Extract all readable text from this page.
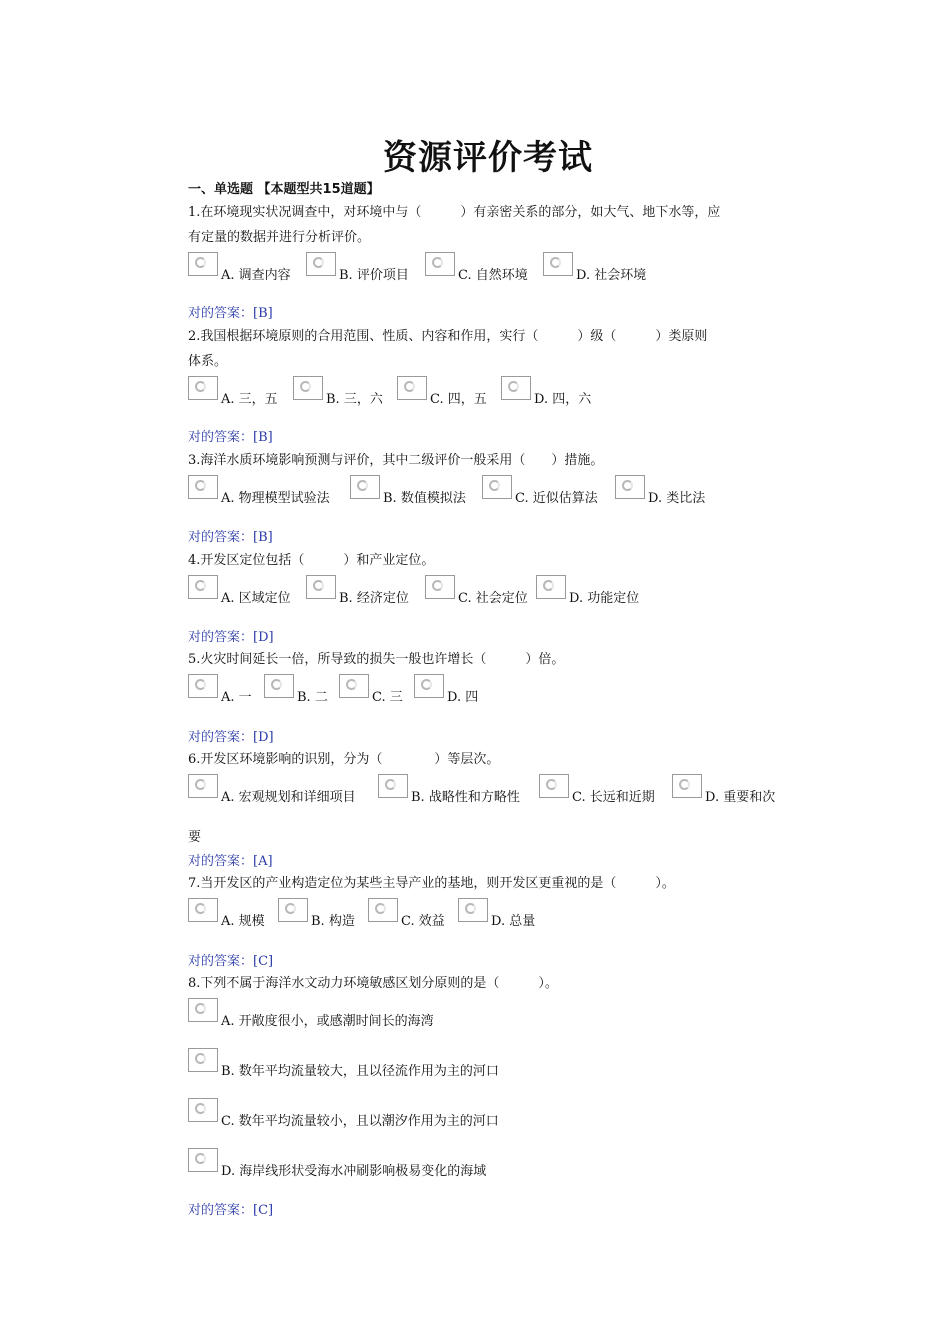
资源评价考试
一、单选题 【本题型共15道题】
1.在环境现实状况调查中，对环境中与（　　　）有亲密关系的部分，如大气、地下水等，应
有定量的数据并进行分析评价。
A. 调查内容	B. 评价项目	C. 自然环境	D. 社会环境
对的答案：[B]
2.我国根据环境原则的合用范围、性质、内容和作用，实行（　　　）级（　　　）类原则
体系。
A. 三，五	B. 三，六	C. 四，五	D. 四，六
对的答案：[B]
3.海洋水质环境影响预测与评价，其中二级评价一般采用（　　）措施。
A. 物理模型试验法	B. 数值模拟法	C. 近似估算法	D. 类比法
对的答案：[B]
4.开发区定位包括（　　　）和产业定位。
A. 区域定位	B. 经济定位	C. 社会定位	D. 功能定位
对的答案：[D]
5.火灾时间延长一倍，所导致的损失一般也许增长（　　　）倍。
A. 一	B. 二	C. 三	D. 四
对的答案：[D]
6.开发区环境影响的识别，分为（　　　　）等层次。
A. 宏观规划和详细项目	B. 战略性和方略性	C. 长远和近期	D. 重要和次
要
对的答案：[A]
7.当开发区的产业构造定位为某些主导产业的基地，则开发区更重视的是（　　　）。
A. 规模	B. 构造	C. 效益	D. 总量
对的答案：[C]
8.下列不属于海洋水文动力环境敏感区划分原则的是（　　　）。
A. 开敞度很小，或感潮时间长的海湾
B. 数年平均流量较大，且以径流作用为主的河口
C. 数年平均流量较小，且以潮汐作用为主的河口
D. 海岸线形状受海水冲刷影响极易变化的海域
对的答案：[C]
